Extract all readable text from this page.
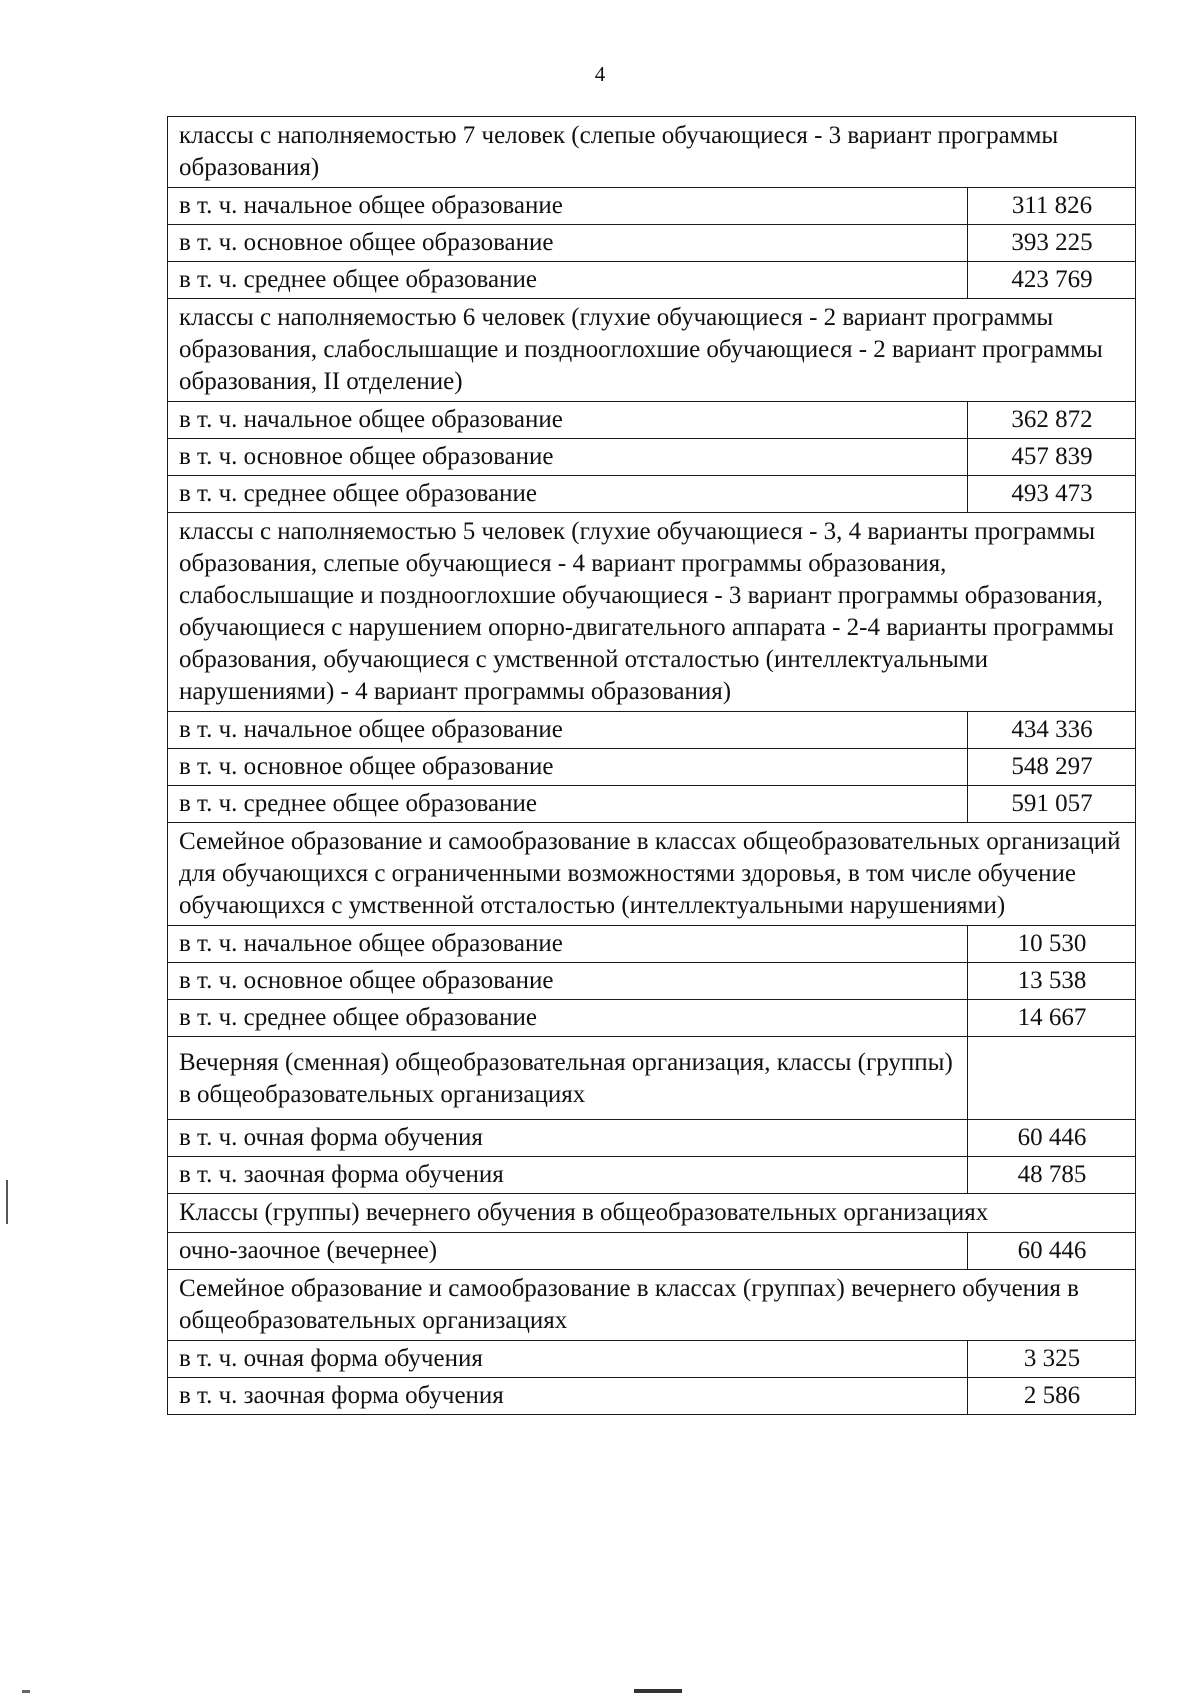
4
классы с наполняемостью 7 человек (слепые обучающиеся - 3 вариант программы образования)	
в т. ч. начальное общее образование	311 826
в т. ч. основное общее образование	393 225
в т. ч. среднее общее образование	423 769
классы с наполняемостью 6 человек (глухие обучающиеся - 2 вариант программы образования, слабослышащие и позднооглохшие обучающиеся - 2 вариант программы образования, II отделение)	
в т. ч. начальное общее образование	362 872
в т. ч. основное общее образование	457 839
в т. ч. среднее общее образование	493 473
классы с наполняемостью 5 человек (глухие обучающиеся - 3, 4 варианты программы образования, слепые обучающиеся - 4 вариант программы образования, слабослышащие и позднооглохшие обучающиеся - 3 вариант программы образования, обучающиеся с нарушением опорно-двигательного аппарата - 2-4 варианты программы образования, обучающиеся с умственной отсталостью (интеллектуальными нарушениями) - 4 вариант программы образования)	
в т. ч. начальное общее образование	434 336
в т. ч. основное общее образование	548 297
в т. ч. среднее общее образование	591 057
Семейное образование и самообразование в классах общеобразовательных организаций для обучающихся с ограниченными возможностями здоровья, в том числе обучение обучающихся с умственной отсталостью (интеллектуальными нарушениями)	
в т. ч. начальное общее образование	10 530
в т. ч. основное общее образование	13 538
в т. ч. среднее общее образование	14 667
Вечерняя (сменная) общеобразовательная организация, классы (группы) в общеобразовательных организациях	
в т. ч. очная форма обучения	60 446
в т. ч. заочная форма обучения	48 785
Классы (группы) вечернего обучения в общеобразовательных организациях	
очно-заочное (вечернее)	60 446
Семейное образование и самообразование в классах (группах) вечернего обучения в общеобразовательных организациях	
в т. ч. очная форма обучения	3 325
в т. ч. заочная форма обучения	2 586
